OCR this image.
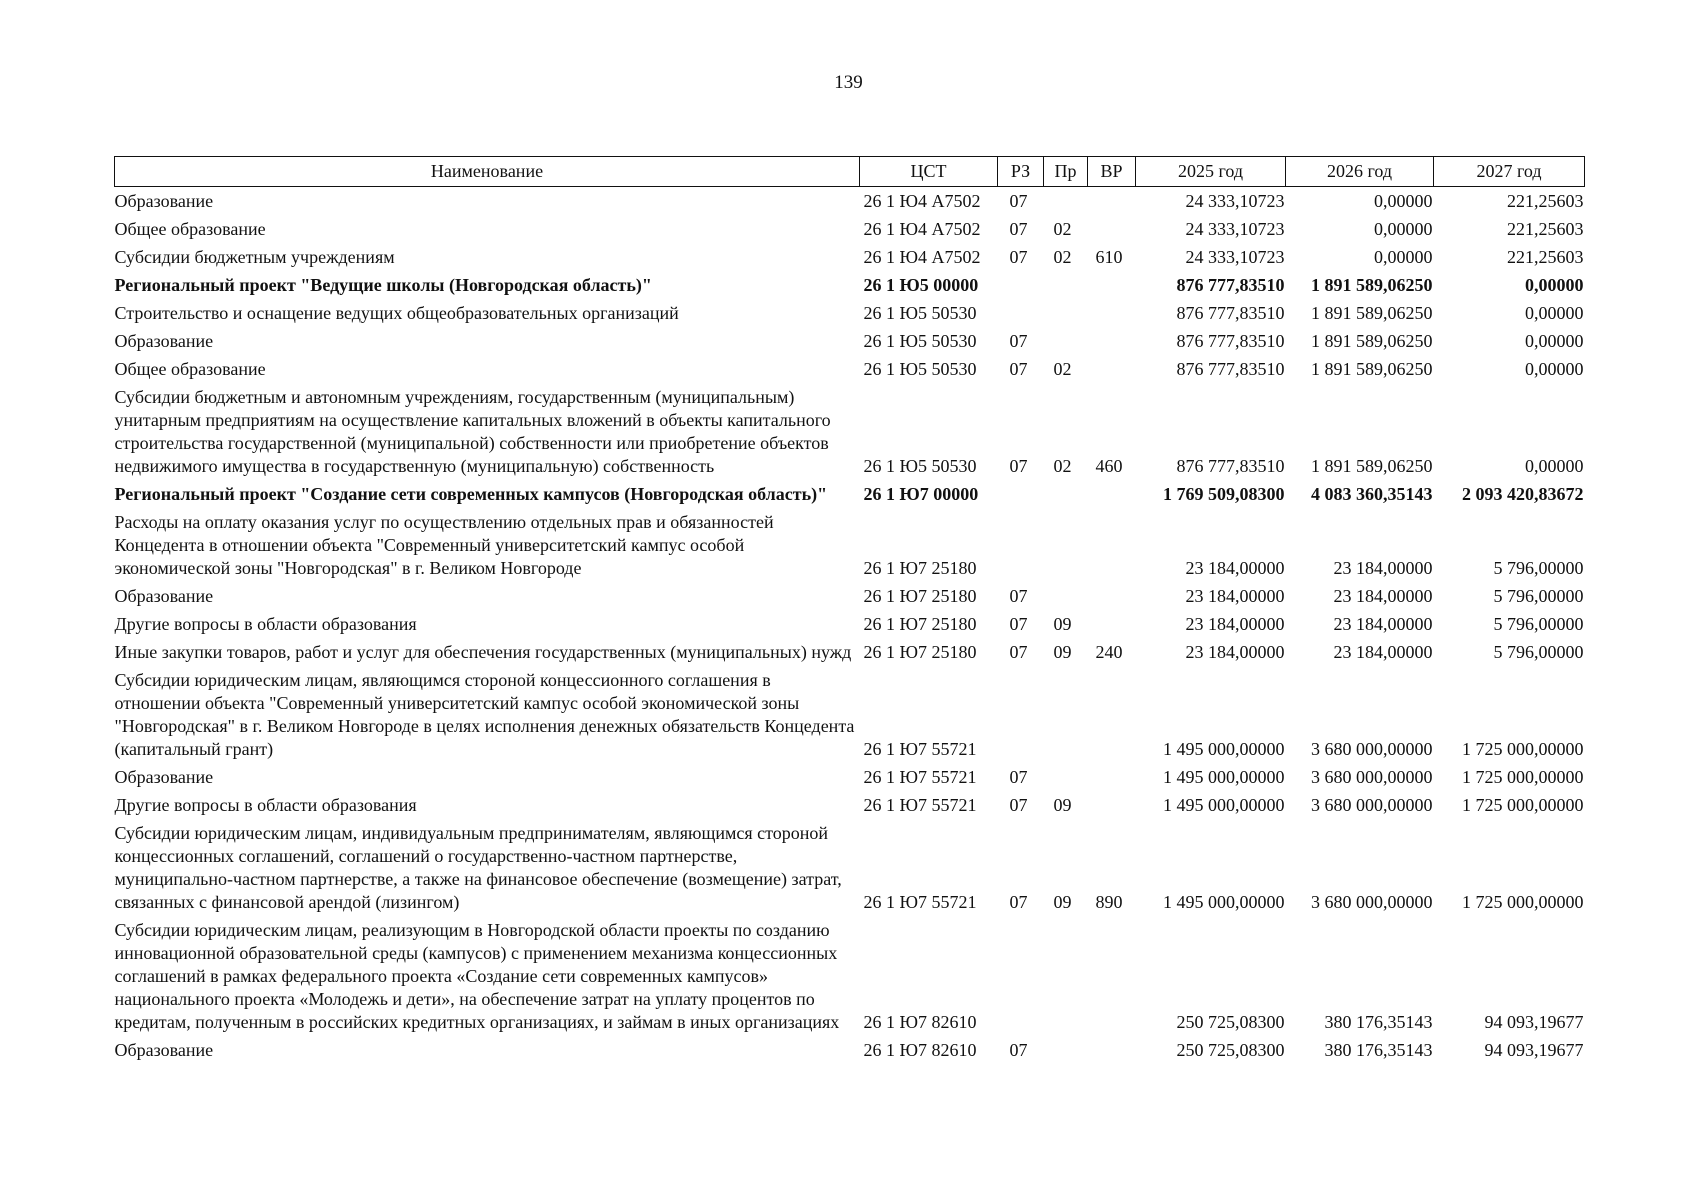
139
Наименование	ЦСТ	РЗ	Пр	ВР	2025 год	2026 год	2027 год
Образование	26 1 Ю4 А7502	07			24 333,10723	0,00000	221,25603
Общее образование	26 1 Ю4 А7502	07	02		24 333,10723	0,00000	221,25603
Субсидии бюджетным учреждениям	26 1 Ю4 А7502	07	02	610	24 333,10723	0,00000	221,25603
Региональный проект "Ведущие школы (Новгородская область)"	26 1 Ю5 00000				876 777,83510	1 891 589,06250	0,00000
Строительство и оснащение ведущих общеобразовательных организаций	26 1 Ю5 50530				876 777,83510	1 891 589,06250	0,00000
Образование	26 1 Ю5 50530	07			876 777,83510	1 891 589,06250	0,00000
Общее образование	26 1 Ю5 50530	07	02		876 777,83510	1 891 589,06250	0,00000
Субсидии бюджетным и автономным учреждениям, государственным (муниципальным) унитарным предприятиям на осуществление капитальных вложений в объекты капитального строительства государственной (муниципальной) собственности или приобретение объектов недвижимого имущества в государственную (муниципальную) собственность	26 1 Ю5 50530	07	02	460	876 777,83510	1 891 589,06250	0,00000
Региональный проект "Создание сети современных кампусов (Новгородская область)"	26 1 Ю7 00000				1 769 509,08300	4 083 360,35143	2 093 420,83672
Расходы на оплату оказания услуг по осуществлению отдельных прав и обязанностей Концедента в отношении объекта "Современный университетский кампус особой экономической зоны "Новгородская" в г. Великом Новгороде	26 1 Ю7 25180				23 184,00000	23 184,00000	5 796,00000
Образование	26 1 Ю7 25180	07			23 184,00000	23 184,00000	5 796,00000
Другие вопросы в области образования	26 1 Ю7 25180	07	09		23 184,00000	23 184,00000	5 796,00000
Иные закупки товаров, работ и услуг для обеспечения государственных (муниципальных) нужд	26 1 Ю7 25180	07	09	240	23 184,00000	23 184,00000	5 796,00000
Субсидии юридическим лицам, являющимся стороной концессионного соглашения в отношении объекта "Современный университетский кампус особой экономической зоны "Новгородская" в г. Великом Новгороде в целях исполнения денежных обязательств Концедента (капитальный грант)	26 1 Ю7 55721				1 495 000,00000	3 680 000,00000	1 725 000,00000
Образование	26 1 Ю7 55721	07			1 495 000,00000	3 680 000,00000	1 725 000,00000
Другие вопросы в области образования	26 1 Ю7 55721	07	09		1 495 000,00000	3 680 000,00000	1 725 000,00000
Субсидии юридическим лицам, индивидуальным предпринимателям, являющимся стороной концессионных соглашений, соглашений о государственно-частном партнерстве, муниципально-частном партнерстве, а также на финансовое обеспечение (возмещение) затрат, связанных с финансовой арендой (лизингом)	26 1 Ю7 55721	07	09	890	1 495 000,00000	3 680 000,00000	1 725 000,00000
Субсидии юридическим лицам, реализующим в Новгородской области проекты по созданию инновационной образовательной среды (кампусов) с применением механизма концессионных соглашений в рамках федерального проекта «Создание сети современных кампусов» национального проекта «Молодежь и дети», на обеспечение затрат на уплату процентов по кредитам, полученным в российских кредитных организациях, и займам в иных организациях	26 1 Ю7 82610				250 725,08300	380 176,35143	94 093,19677
Образование	26 1 Ю7 82610	07			250 725,08300	380 176,35143	94 093,19677
